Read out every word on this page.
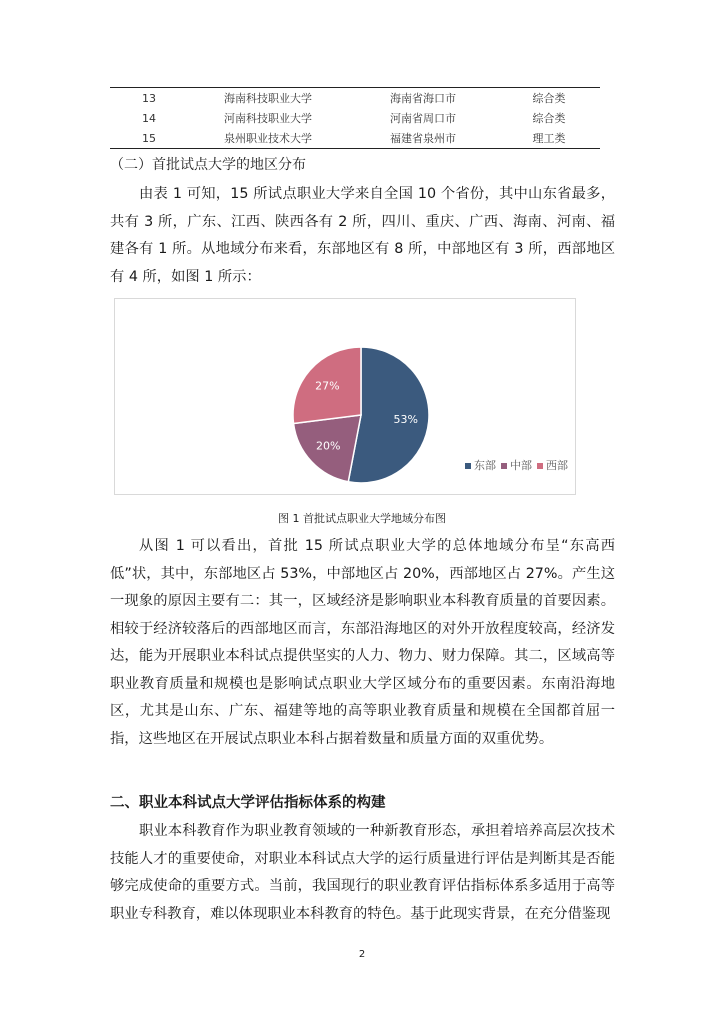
13	海南科技职业大学	海南省海口市	综合类
14	河南科技职业大学	河南省周口市	综合类
15	泉州职业技术大学	福建省泉州市	理工类
（二）首批试点大学的地区分布

由表 1 可知，15 所试点职业大学来自全国 10 个省份，其中山东省最多，共有 3 所，广东、江西、陕西各有 2 所，四川、重庆、广西、海南、河南、福建各有 1 所。从地域分布来看，东部地区有 8 所，中部地区有 3 所，西部地区有 4 所，如图 1 所示：

53%
20%
27%
东部 中部 西部
图 1 首批试点职业大学地域分布图

从图 1 可以看出，首批 15 所试点职业大学的总体地域分布呈“东高西低”状，其中，东部地区占 53%，中部地区占 20%，西部地区占 27%。产生这一现象的原因主要有二：其一，区域经济是影响职业本科教育质量的首要因素。相较于经济较落后的西部地区而言，东部沿海地区的对外开放程度较高，经济发达，能为开展职业本科试点提供坚实的人力、物力、财力保障。其二，区域高等职业教育质量和规模也是影响试点职业大学区域分布的重要因素。东南沿海地区，尤其是山东、广东、福建等地的高等职业教育质量和规模在全国都首屈一指，这些地区在开展试点职业本科占据着数量和质量方面的双重优势。

二、职业本科试点大学评估指标体系的构建

职业本科教育作为职业教育领域的一种新教育形态，承担着培养高层次技术技能人才的重要使命，对职业本科试点大学的运行质量进行评估是判断其是否能够完成使命的重要方式。当前，我国现行的职业教育评估指标体系多适用于高等职业专科教育，难以体现职业本科教育的特色。基于此现实背景，在充分借鉴现

2
